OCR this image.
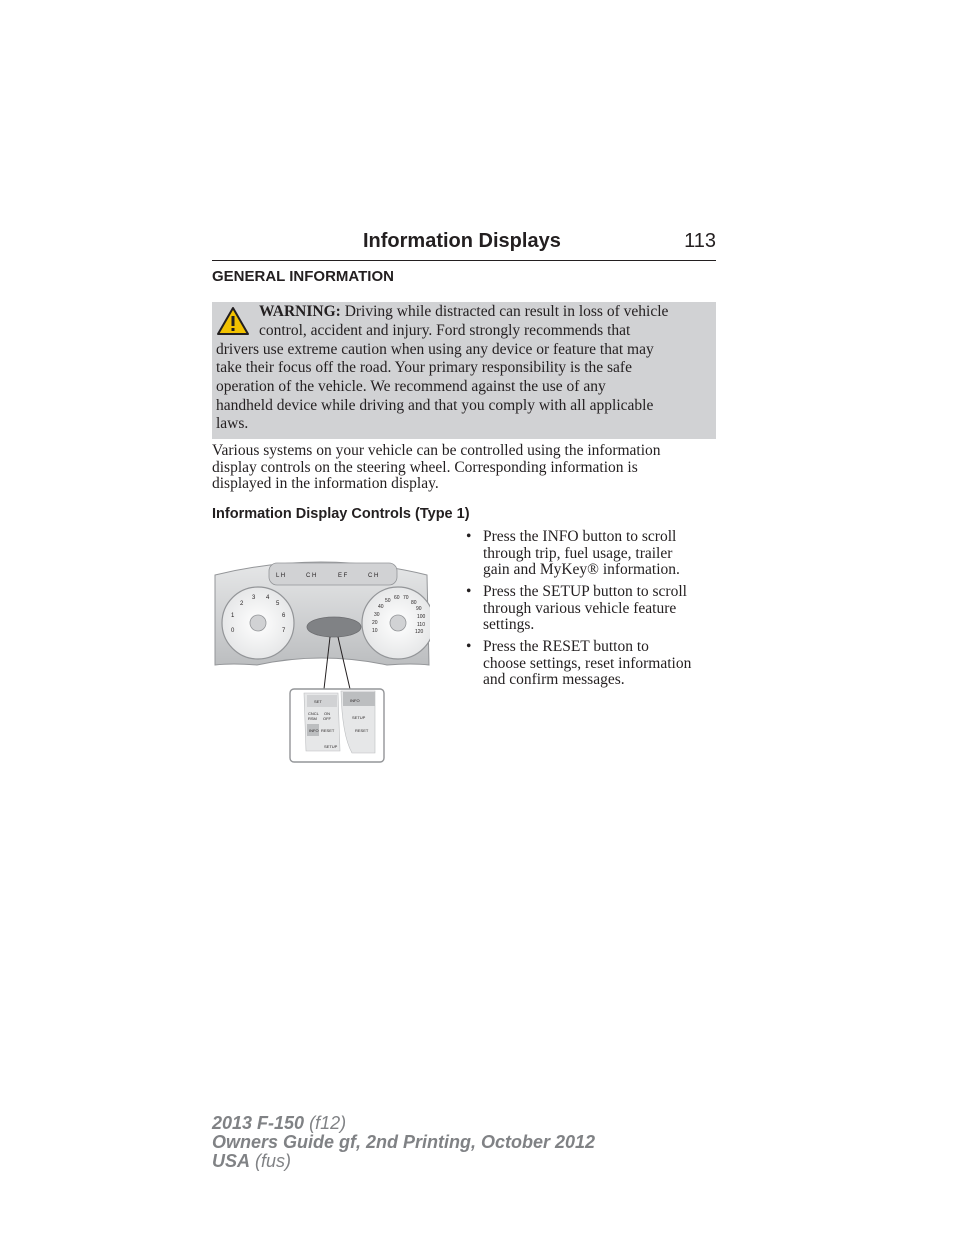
Information Displays	113
GENERAL INFORMATION
WARNING: Driving while distracted can result in loss of vehicle
control, accident and injury. Ford strongly recommends that
drivers use extreme caution when using any device or feature that may
take their focus off the road. Your primary responsibility is the safe
operation of the vehicle. We recommend against the use of any
handheld device while driving and that you comply with all applicable
laws.
Various systems on your vehicle can be controlled using the information
display controls on the steering wheel. Corresponding information is
displayed in the information display.
Information Display Controls (Type 1)
• Press the INFO button to scroll
through trip, fuel usage, trailer
gain and MyKey® information.
• Press the SETUP button to scroll
through various vehicle feature
settings.
• Press the RESET button to
choose settings, reset information
and confirm messages.
L H	C H	E F	C H
0
1
2
3 4
5
6
7	10
20
30
40
50 60 70
80
90
100
110
120
SET
CNCL
RSM
ON
OFF
INFO RESET
SETUP
INFO
SETUP
RESET
2013 F-150 (f12)
Owners Guide gf, 2nd Printing, October 2012
USA (fus)
